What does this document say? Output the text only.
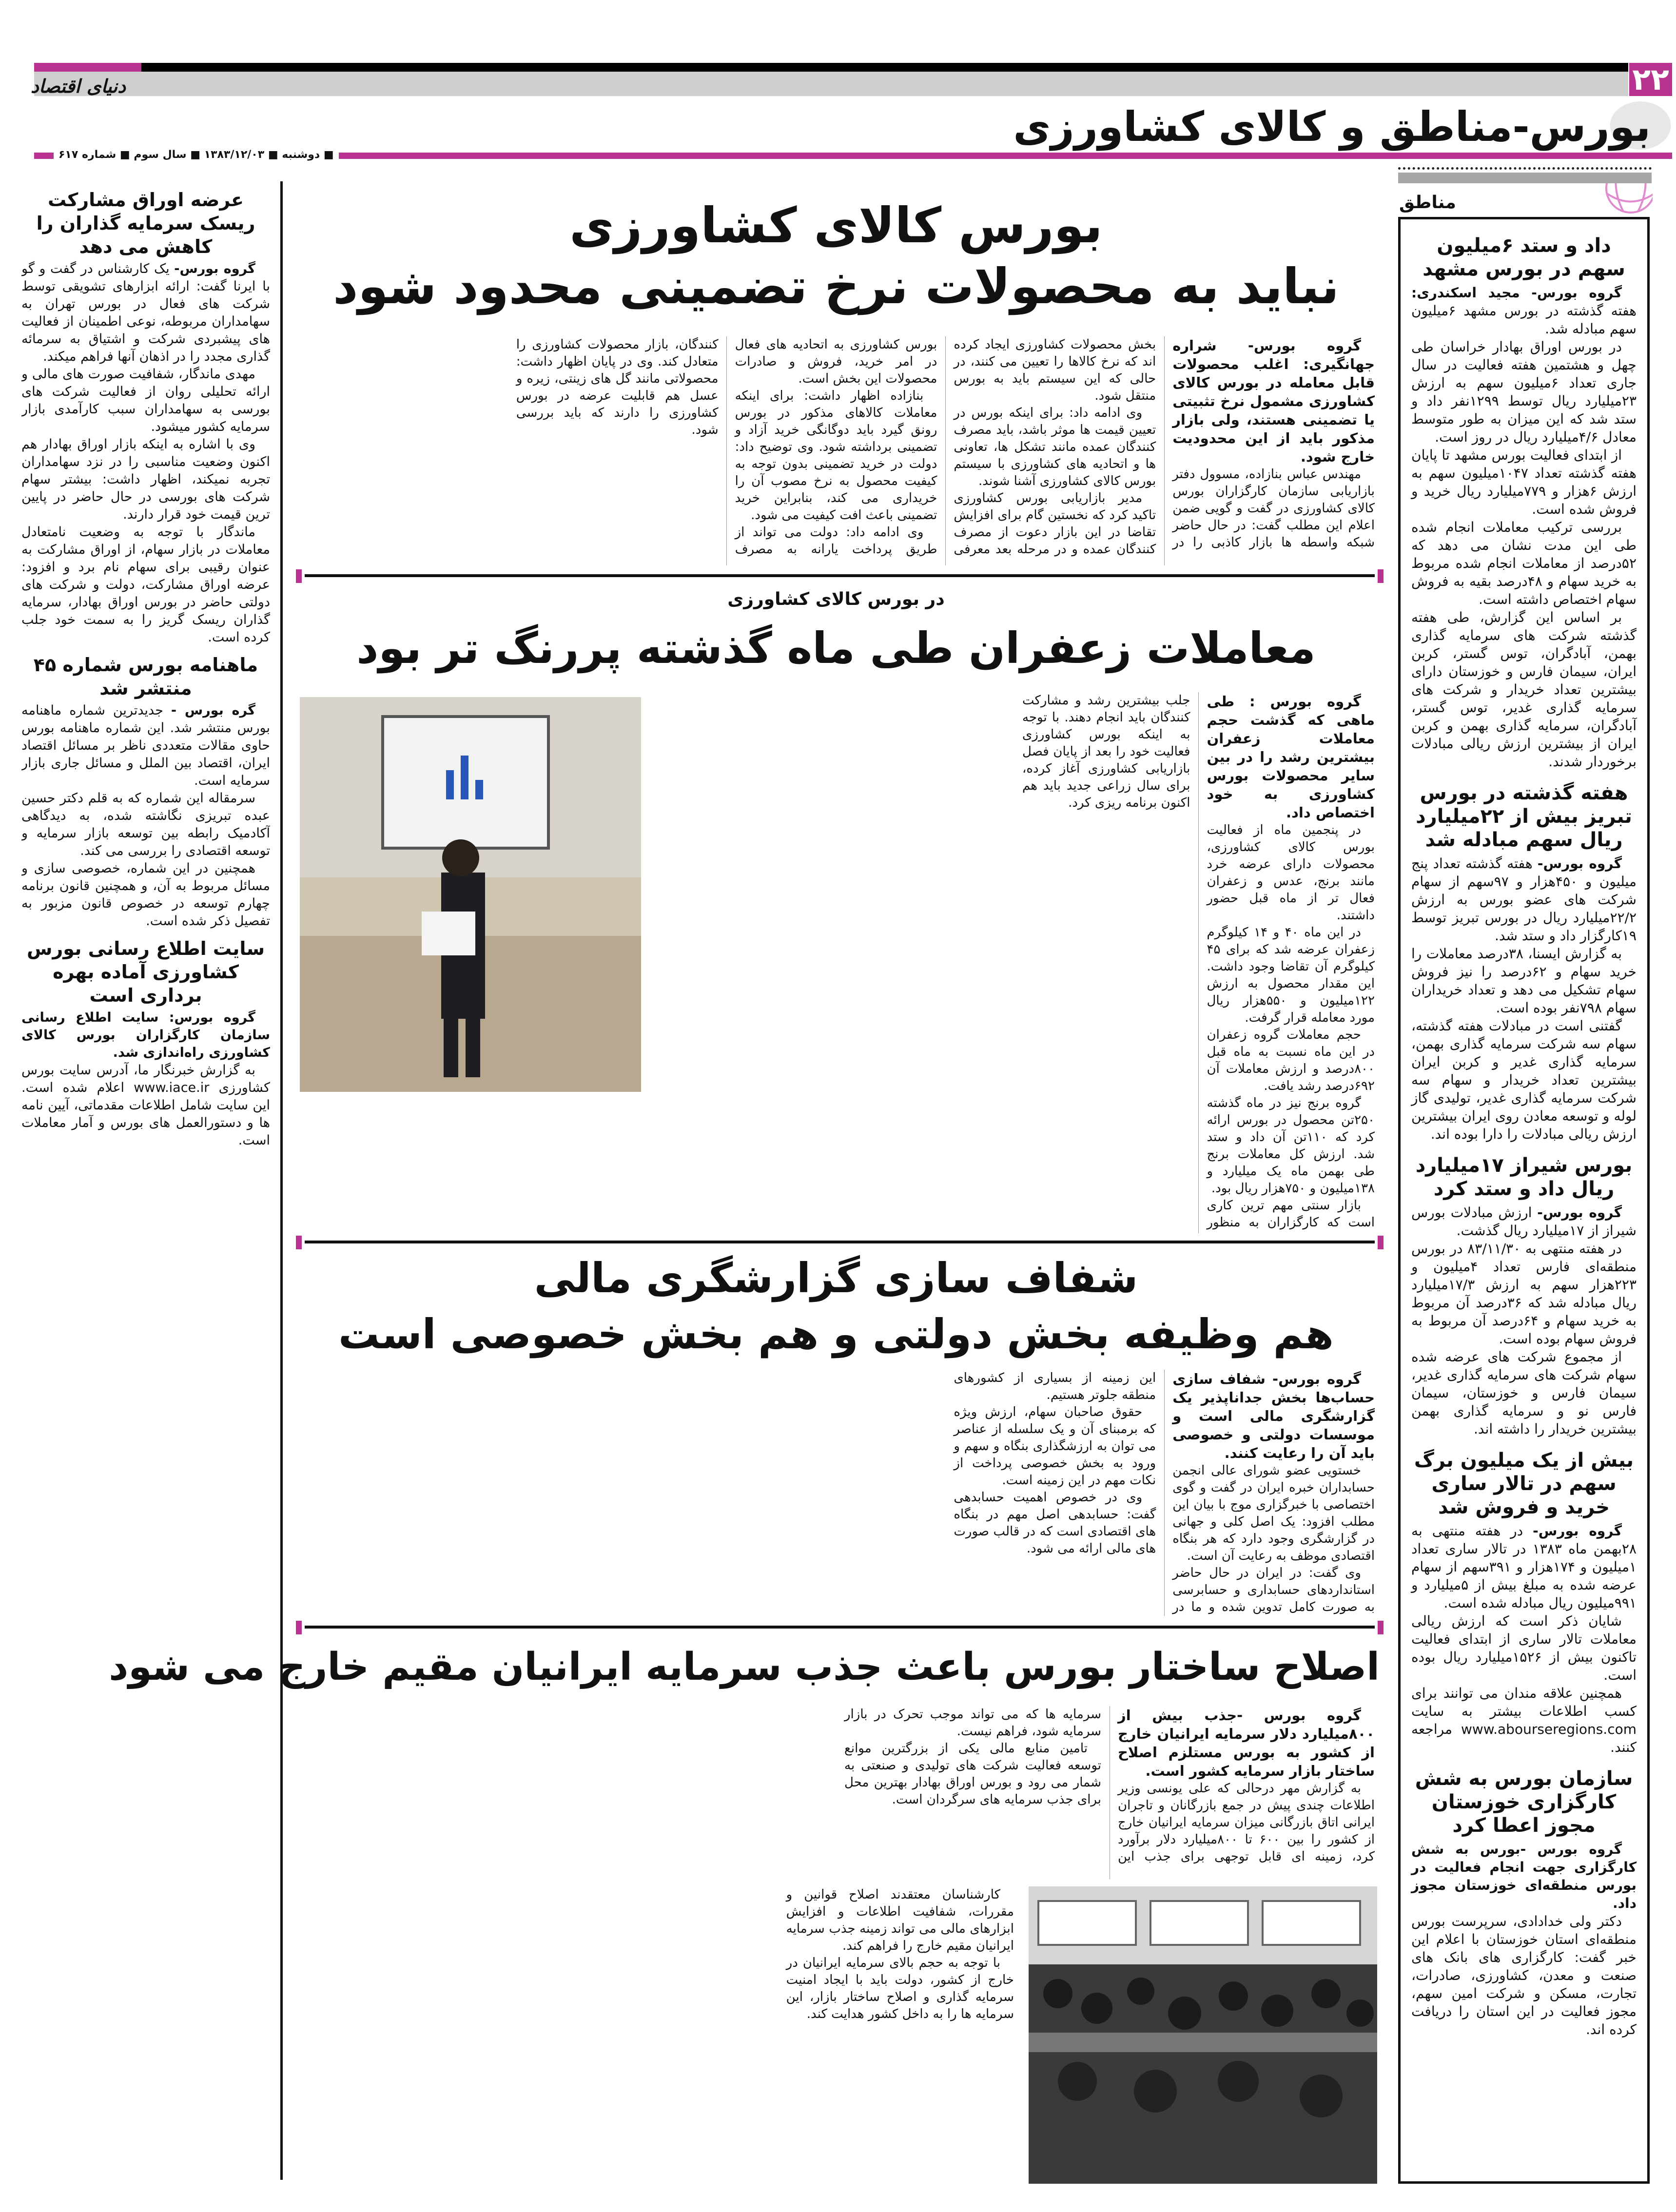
۲۲
دنیای اقتصاد
بورس-مناطق و کالای کشاورزی
■ دوشنبه ■ ۱۳۸۳/۱۲/۰۳ ■ سال سوم ■ شماره ۶۱۷
مناطق
داد و ستد ۶میلیون سهم در بورس مشهد

گروه بورس- مجید اسکندری: هفته گذشته در بورس مشهد ۶میلیون سهم مبادله شد.

در بورس اوراق بهادار خراسان طی چهل و هشتمین هفته فعالیت در سال جاری تعداد ۶میلیون سهم به ارزش ۲۳میلیارد ریال توسط ۱۲۹۹نفر داد و ستد شد که این میزان به طور متوسط معادل ۴/۶میلیارد ریال در روز است.

از ابتدای فعالیت بورس مشهد تا پایان هفته گذشته تعداد ۱۰۴۷میلیون سهم به ارزش ۶هزار و ۷۷۹میلیارد ریال خرید و فروش شده است.

بررسی ترکیب معاملات انجام شده طی این مدت نشان می دهد که ۵۲درصد از معاملات انجام شده مربوط به خرید سهام و ۴۸درصد بقیه به فروش سهام اختصاص داشته است.

بر اساس این گزارش، طی هفته گذشته شرکت های سرمایه گذاری بهمن، آبادگران، توس گستر، کربن ایران، سیمان فارس و خوزستان دارای بیشترین تعداد خریدار و شرکت های سرمایه گذاری غدیر، توس گستر، آبادگران، سرمایه گذاری بهمن و کربن ایران از بیشترین ارزش ریالی مبادلات برخوردار شدند.

هفته گذشته در بورس تبریز بیش از ۲۲میلیارد ریال سهم مبادله شد

گروه بورس- هفته گذشته تعداد پنج میلیون و ۴۵۰هزار و ۹۷سهم از سهام شرکت های عضو بورس به ارزش ۲۲/۲میلیارد ریال در بورس تبریز توسط ۱۹کارگزار داد و ستد شد.

به گزارش ایسنا، ۳۸درصد معاملات را خرید سهام و ۶۲درصد را نیز فروش سهام تشکیل می دهد و تعداد خریداران سهام ۷۹۸نفر بوده است.

گفتنی است در مبادلات هفته گذشته، سهام سه شرکت سرمایه گذاری بهمن، سرمایه گذاری غدیر و کربن ایران بیشترین تعداد خریدار و سهام سه شرکت سرمایه گذاری غدیر، تولیدی گاز لوله و توسعه معادن روی ایران بیشترین ارزش ریالی مبادلات را دارا بوده اند.

بورس شیراز ۱۷میلیارد ریال داد و ستد کرد

گروه بورس- ارزش مبادلات بورس شیراز از ۱۷میلیارد ریال گذشت.

در هفته منتهی به ۸۳/۱۱/۳۰ در بورس منطقه‌ای فارس تعداد ۴میلیون و ۲۲۳هزار سهم به ارزش ۱۷/۳میلیارد ریال مبادله شد که ۳۶درصد آن مربوط به خرید سهام و ۶۴درصد آن مربوط به فروش سهام بوده است.

از مجموع شرکت های عرضه شده سهام شرکت های سرمایه گذاری غدیر، سیمان فارس و خوزستان، سیمان فارس نو و سرمایه گذاری بهمن بیشترین خریدار را داشته اند.

بیش از یک میلیون برگ سهم در تالار ساری خرید و فروش شد

گروه بورس- در هفته منتهی به ۲۸بهمن ماه ۱۳۸۳ در تالار ساری تعداد ۱میلیون و ۱۷۴هزار و ۳۹۱سهم از سهام عرضه شده به مبلغ بیش از ۵میلیارد و ۹۹۱میلیون ریال مبادله شده است.

شایان ذکر است که ارزش ریالی معاملات تالار ساری از ابتدای فعالیت تاکنون بیش از ۱۵۲۶میلیارد ریال بوده است.

همچنین علاقه مندان می توانند برای کسب اطلاعات بیشتر به سایت www.abourseregions.com مراجعه کنند.

سازمان بورس به شش کارگزاری خوزستان مجوز اعطا کرد

گروه بورس -بورس به شش کارگزاری جهت انجام فعالیت در بورس منطقه‌ای خوزستان مجوز داد.

دکتر ولی خدادادی، سرپرست بورس منطقه‌ای استان خوزستان با اعلام این خبر گفت: کارگزاری های بانک های صنعت و معدن، کشاورزی، صادرات، تجارت، مسکن و شرکت امین سهم، مجوز فعالیت در این استان را دریافت کرده اند.

عرضه اوراق مشارکت ریسک سرمایه گذاران را کاهش می دهد

گروه بورس- یک کارشناس در گفت و گو با ایرنا گفت: ارائه ابزارهای تشویقی توسط شرکت های فعال در بورس تهران به سهامداران مربوطه، نوعی اطمینان از فعالیت های پیشبردی شرکت و اشتیاق به سرمائه گذاری مجدد را در اذهان آنها فراهم میکند.

مهدی ماندگار، شفافیت صورت های مالی و ارائه تحلیلی روان از فعالیت شرکت های بورسی به سهامداران سبب کارآمدی بازار سرمایه کشور میشود.

وی با اشاره به اینکه بازار اوراق بهادار هم اکنون وضعیت مناسبی را در نزد سهامداران تجربه نمیکند، اظهار داشت: بیشتر سهام شرکت های بورسی در حال حاضر در پایین ترین قیمت خود قرار دارند.

ماندگار با توجه به وضعیت نامتعادل معاملات در بازار سهام، از اوراق مشارکت به عنوان رقیبی برای سهام نام برد و افزود: عرضه اوراق مشارکت، دولت و شرکت های دولتی حاضر در بورس اوراق بهادار، سرمایه گذاران ریسک گریز را به سمت خود جلب کرده است.

ماهنامه بورس شماره ۴۵ منتشر شد

گره بورس - جدیدترین شماره ماهنامه بورس منتشر شد. این شماره ماهنامه بورس حاوی مقالات متعددی ناظر بر مسائل اقتصاد ایران، اقتصاد بین الملل و مسائل جاری بازار سرمایه است.

سرمقاله این شماره که به قلم دکتر حسین عبده تبریزی نگاشته شده، به دیدگاهی آکادمیک رابطه بین توسعه بازار سرمایه و توسعه اقتصادی را بررسی می کند.

همچنین در این شماره، خصوصی سازی و مسائل مربوط به آن، و همچنین قانون برنامه چهارم توسعه در خصوص قانون مزبور به تفصیل ذکر شده است.

سایت اطلاع رسانی بورس کشاورزی آماده بهره برداری است

گروه بورس: سایت اطلاع رسانی سازمان کارگزاران بورس کالای کشاورزی راه‌اندازی شد.

به گزارش خبرنگار ما، آدرس سایت بورس کشاورزی www.iace.ir اعلام شده است. این سایت شامل اطلاعات مقدماتی، آیین نامه ها و دستورالعمل های بورس و آمار معاملات است.

بورس کالای کشاورزی
نباید به محصولات نرخ تضمینی محدود شود

گروه بورس- شراره جهانگیری: اغلب محصولات قابل معامله در بورس کالای کشاورزی مشمول نرخ تثبیتی یا تضمینی هستند، ولی بازار مذکور باید از این محدودیت خارج شود.

مهندس عباس بنازاده، مسوول دفتر بازاریابی سازمان کارگزاران بورس کالای کشاورزی در گفت و گویی ضمن اعلام این مطلب گفت: در حال حاضر شبکه واسطه ها بازار کاذبی را در بخش محصولات کشاورزی ایجاد کرده اند که نرخ کالاها را تعیین می کنند، در حالی که این سیستم باید به بورس منتقل شود.

وی ادامه داد: برای اینکه بورس در تعیین قیمت ها موثر باشد، باید مصرف کنندگان عمده مانند تشکل ها، تعاونی ها و اتحادیه های کشاورزی با سیستم بورس کالای کشاورزی آشنا شوند.

مدیر بازاریابی بورس کشاورزی تاکید کرد که نخستین گام برای افزایش تقاضا در این بازار دعوت از مصرف کنندگان عمده و در مرحله بعد معرفی بورس کشاورزی به اتحادیه های فعال در امر خرید، فروش و صادرات محصولات این بخش است.

بنازاده اظهار داشت: برای اینکه معاملات کالاهای مذکور در بورس رونق گیرد باید دوگانگی خرید آزاد و تضمینی برداشته شود. وی توضیح داد: دولت در خرید تضمینی بدون توجه به کیفیت محصول به نرخ مصوب آن را خریداری می کند، بنابراین خرید تضمینی باعث افت کیفیت می شود.

وی ادامه داد: دولت می تواند از طریق پرداخت یارانه به مصرف کنندگان، بازار محصولات کشاورزی را متعادل کند. وی در پایان اظهار داشت: محصولاتی مانند گل های زینتی، زیره و عسل هم قابلیت عرضه در بورس کشاورزی را دارند که باید بررسی شود.

در بورس کالای کشاورزی
معاملات زعفران طی ماه گذشته پررنگ تر بود

گروه بورس : طی ماهی که گذشت حجم معاملات زعفران بیشترین رشد را در بین سایر محصولات بورس کشاورزی به خود اختصاص داد.

در پنجمین ماه از فعالیت بورس کالای کشاورزی، محصولات دارای عرضه خرد مانند برنج، عدس و زعفران فعال تر از ماه قبل حضور داشتند.

در این ماه ۴۰ و ۱۴ کیلوگرم زعفران عرضه شد که برای ۴۵ کیلوگرم آن تقاضا وجود داشت. این مقدار محصول به ارزش ۱۲۲میلیون و ۵۵۰هزار ریال مورد معامله قرار گرفت.

حجم معاملات گروه زعفران در این ماه نسبت به ماه قبل ۸۰۰درصد و ارزش معاملات آن ۶۹۲درصد رشد یافت.

گروه برنج نیز در ماه گذشته ۲۵۰تن محصول در بورس ارائه کرد که ۱۱۰تن آن داد و ستد شد. ارزش کل معاملات برنج طی بهمن ماه یک میلیارد و ۱۳۸میلیون و ۷۵۰هزار ریال بود.

بازار سنتی مهم ترین کاری است که کارگزاران به منظور جلب بیشترین رشد و مشارکت کنندگان باید انجام دهند. با توجه به اینکه بورس کشاورزی فعالیت خود را بعد از پایان فصل بازاریابی کشاورزی آغاز کرده، برای سال زراعی جدید باید هم اکنون برنامه ریزی کرد.

شفاف سازی گزارشگری مالی
هم وظیفه بخش دولتی و هم بخش خصوصی است

گروه بورس- شفاف سازی حساب‌ها بخش جداناپذیر یک گزارشگری مالی است و موسسات دولتی و خصوصی باید آن را رعایت کنند.

خستویی عضو شورای عالی انجمن حسابداران خبره ایران در گفت و گوی اختصاصی با خبرگزاری موج با بیان این مطلب افزود: یک اصل کلی و جهانی در گزارشگری وجود دارد که هر بنگاه اقتصادی موظف به رعایت آن است.

وی گفت: در ایران در حال حاضر استانداردهای حسابداری و حسابرسی به صورت کامل تدوین شده و ما در این زمینه از بسیاری از کشورهای منطقه جلوتر هستیم.

حقوق صاحبان سهام، ارزش ویژه که برمبنای آن و یک سلسله از عناصر می توان به ارزشگذاری بنگاه و سهم و ورود به بخش خصوصی پرداخت از نکات مهم در این زمینه است.

وی در خصوص اهمیت حسابدهی گفت: حسابدهی اصل مهم در بنگاه های اقتصادی است که در قالب صورت های مالی ارائه می شود.

اصلاح ساختار بورس باعث جذب سرمایه ایرانیان مقیم خارج می شود

گروه بورس -جذب بیش از ۸۰۰میلیارد دلار سرمایه ایرانیان خارج از کشور به بورس مستلزم اصلاح ساختار بازار سرمایه کشور است.

به گزارش مهر درحالی که علی یونسی وزیر اطلاعات چندی پیش در جمع بازرگانان و تاجران ایرانی اتاق بازرگانی میزان سرمایه ایرانیان خارج از کشور را بین ۶۰۰ تا ۸۰۰میلیارد دلار برآورد کرد، زمینه ای قابل توجهی برای جذب این سرمایه ها که می تواند موجب تحرک در بازار سرمایه شود، فراهم نیست.

تامین منابع مالی یکی از بزرگترین موانع توسعه فعالیت شرکت های تولیدی و صنعتی به شمار می رود و بورس اوراق بهادار بهترین محل برای جذب سرمایه های سرگردان است.

کارشناسان معتقدند اصلاح قوانین و مقررات، شفافیت اطلاعات و افزایش ابزارهای مالی می تواند زمینه جذب سرمایه ایرانیان مقیم خارج را فراهم کند.

با توجه به حجم بالای سرمایه ایرانیان در خارج از کشور، دولت باید با ایجاد امنیت سرمایه گذاری و اصلاح ساختار بازار، این سرمایه ها را به داخل کشور هدایت کند.
